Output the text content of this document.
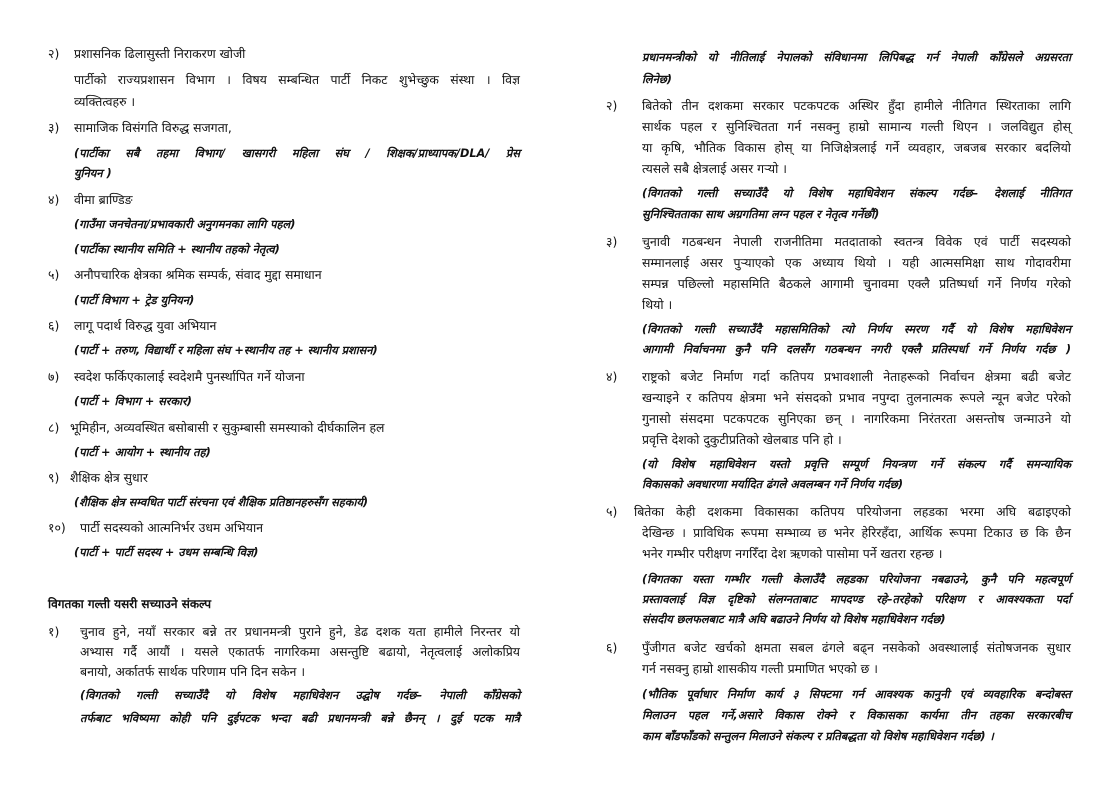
२) प्रशासनिक ढिलासुस्ती निराकरण खोजी
पार्टीको राज्यप्रशासन विभाग । विषय सम्बन्धित पार्टी निकट शुभेच्छुक संस्था । विज्ञ
व्यक्तित्वहरु ।
३) सामाजिक विसंगति विरुद्ध सजगता,
(पार्टीका सबै तहमा विभाग/ खासगरी महिला संघ / शिक्षक/प्राध्यापक/DLA/ प्रेस
युनियन )
४) वीमा ब्राण्डिङ
(गाउँमा जनचेतना/प्रभावकारी अनुगमनका लागि पहल)
(पार्टीका स्थानीय समिति + स्थानीय तहको नेतृत्व)
५) अनौपचारिक क्षेत्रका श्रमिक सम्पर्क, संवाद मुद्दा समाधान
(पार्टी विभाग + ट्रेड युनियन)
६) लागू पदार्थ विरुद्ध युवा अभियान
(पार्टी + तरुण, विद्यार्थी र महिला संघ +स्थानीय तह + स्थानीय प्रशासन)
७) स्वदेश फर्किएकालाई स्वदेशमै पुनर्स्थापित गर्ने योजना
(पार्टी + विभाग + सरकार)
८) भूमिहीन, अव्यवस्थित बसोबासी र सुकुम्बासी समस्याको दीर्घकालिन हल
(पार्टी + आयोग + स्थानीय तह)
९) शैक्षिक क्षेत्र सुधार
(शैक्षिक क्षेत्र सम्वधित पार्टी संरचना एवं शैक्षिक प्रतिष्ठानहरुसँग सहकार्य)
१०) पार्टी सदस्यको आत्मनिर्भर उधम अभियान
(पार्टी + पार्टी सदस्य + उधम सम्बन्धि विज्ञ)
विगतका गल्ती यसरी सच्याउने संकल्प
१) चुनाव हुने, नयाँ सरकार बन्ने तर प्रधानमन्त्री पुराने हुने, डेढ दशक यता हामीले निरन्तर यो
अभ्यास गर्दै आयौं । यसले एकातर्फ नागरिकमा असन्तुष्टि बढायो, नेतृत्वलाई अलोकप्रिय
बनायो, अर्कातर्फ सार्थक परिणाम पनि दिन सकेन ।
(विगतको गल्ती सच्याउँदै यो विशेष महाधिवेशन उद्घोष गर्दछ– नेपाली काँग्रेसको
तर्फबाट भविष्यमा कोही पनि दुईपटक भन्दा बढी प्रधानमन्त्री बन्ने छैनन् । दुई पटक मात्रै
प्रधानमन्त्रीको यो नीतिलाई नेपालको संविधानमा लिपिबद्ध गर्न नेपाली काँग्रेसले अग्रसरता
लिनेछ)
२) बितेको तीन दशकमा सरकार पटकपटक अस्थिर हुँदा हामीले नीतिगत स्थिरताका लागि
सार्थक पहल र सुनिश्चितता गर्न नसक्नु हाम्रो सामान्य गल्ती थिएन । जलविद्युत होस्
या कृषि, भौतिक विकास होस् या निजिक्षेत्रलाई गर्ने व्यवहार, जबजब सरकार बदलियो
त्यसले सबै क्षेत्रलाई असर गर्‍यो ।
(विगतको गल्ती सच्याउँदै यो विशेष महाधिवेशन संकल्प गर्दछ– देशलाई नीतिगत
सुनिश्चितताका साथ अग्रगतिमा लग्न पहल र नेतृत्व गर्नेछौं)
३) चुनावी गठबन्धन नेपाली राजनीतिमा मतदाताको स्वतन्त्र विवेक एवं पार्टी सदस्यको
सम्मानलाई असर पुर्‍याएको एक अध्याय थियो । यही आत्मसमिक्षा साथ गोदावरीमा
सम्पन्न पछिल्लो महासमिति बैठकले आगामी चुनावमा एक्लै प्रतिष्पर्धा गर्ने निर्णय गरेको
थियो ।
(विगतको गल्ती सच्याउँदै महासमितिको त्यो निर्णय स्मरण गर्दै यो विशेष महाधिवेशन
आगामी निर्वाचनमा कुनै पनि दलसँग गठबन्धन नगरी एक्लै प्रतिस्पर्धा गर्ने निर्णय गर्दछ )
४) राष्ट्रको बजेट निर्माण गर्दा कतिपय प्रभावशाली नेताहरूको निर्वाचन क्षेत्रमा बढी बजेट
खन्याइने र कतिपय क्षेत्रमा भने संसदको प्रभाव नपुग्दा तुलनात्मक रूपले न्यून बजेट परेको
गुनासो संसदमा पटकपटक सुनिएका छन् । नागरिकमा निरंतरता असन्तोष जन्माउने यो
प्रवृत्ति देशको दुकुटीप्रतिको खेलबाड पनि हो ।
(यो विशेष महाधिवेशन यस्तो प्रवृत्ति सम्पूर्ण नियन्त्रण गर्ने संकल्प गर्दै समन्यायिक
विकासको अवधारणा मर्यादित ढंगले अवलम्बन गर्ने निर्णय गर्दछ)
५) बितेका केही दशकमा विकासका कतिपय परियोजना लहडका भरमा अघि बढाइएको
देखिन्छ । प्राविधिक रूपमा सम्भाव्य छ भनेर हेरिरहँदा, आर्थिक रूपमा टिकाउ छ कि छैन
भनेर गम्भीर परीक्षण नगरिँदा देश ऋणको पासोमा पर्ने खतरा रहन्छ ।
(विगतका यस्ता गम्भीर गल्ती केलाउँदै लहडका परियोजना नबढाउने, कुनै पनि महत्वपूर्ण
प्रस्तावलाई विज्ञ दृष्टिको संलग्नताबाट मापदण्ड रहे–तरहेको परिक्षण र आवश्यकता पर्दा
संसदीय छलफलबाट मात्रै अघि बढाउने निर्णय यो विशेष महाधिवेशन गर्दछ)
६) पुँजीगत बजेट खर्चको क्षमता सबल ढंगले बढ्न नसकेको अवस्थालाई संतोषजनक सुधार
गर्न नसक्नु हाम्रो शासकीय गल्ती प्रमाणित भएको छ ।
(भौतिक पूर्वाधार निर्माण कार्य ३ सिफ्टमा गर्न आवश्यक कानुनी एवं व्यवहारिक बन्दोबस्त
मिलाउन पहल गर्ने,असारे विकास रोक्ने र विकासका कार्यमा तीन तहका सरकारबीच
काम बाँडफाँडको सन्तुलन मिलाउने संकल्प र प्रतिबद्धता यो विशेष महाधिवेशन गर्दछ) ।
